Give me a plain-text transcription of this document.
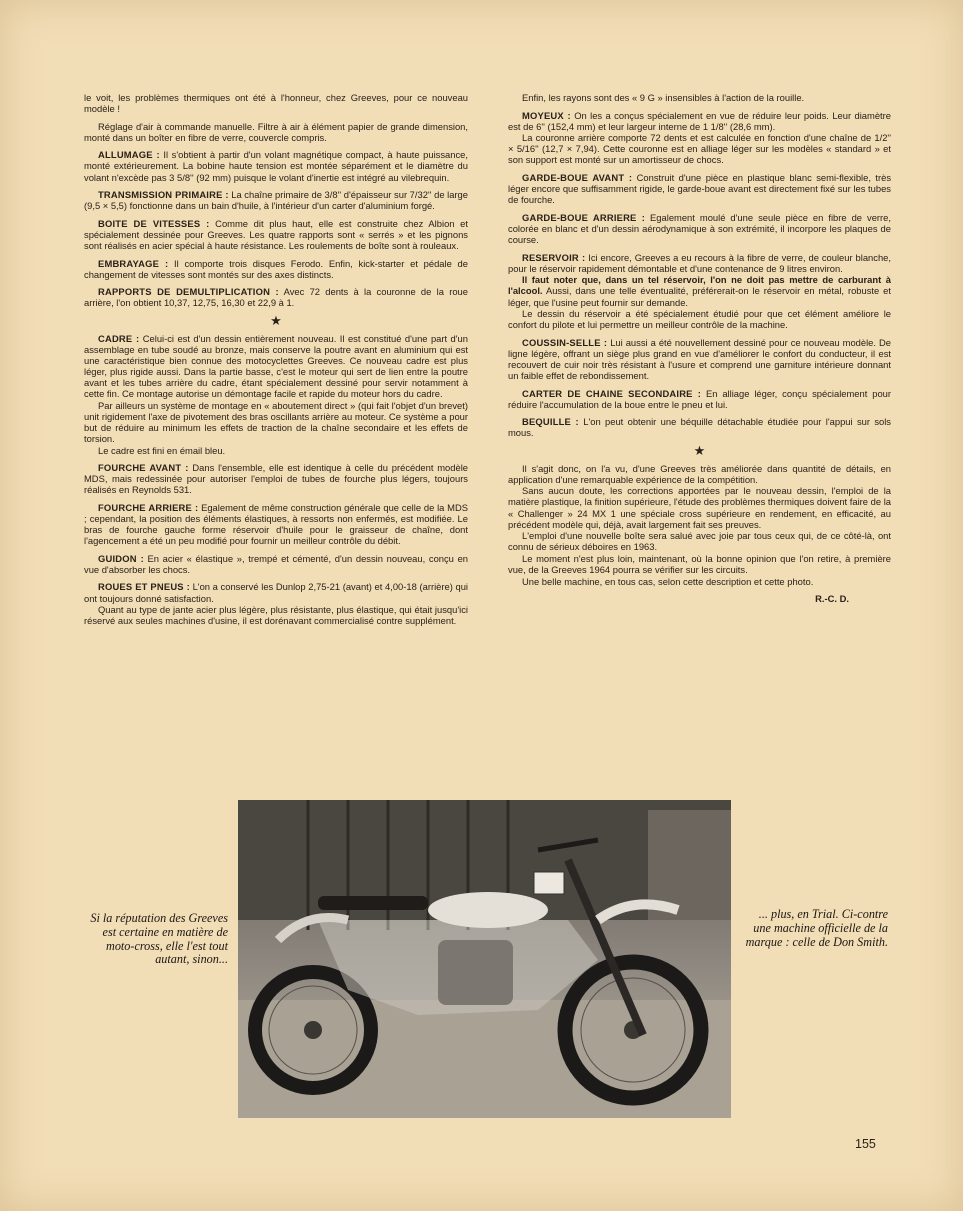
le voit, les problèmes thermiques ont été à l'honneur, chez Greeves, pour ce nouveau modèle !

Réglage d'air à commande manuelle. Filtre à air à élément papier de grande dimension, monté dans un boîter en fibre de verre, couvercle compris.

ALLUMAGE : Il s'obtient à partir d'un volant magnétique compact, à haute puissance, monté extérieurement. La bobine haute tension est montée séparément et le diamètre du volant n'excède pas 3 5/8'' (92 mm) puisque le volant d'inertie est intégré au vilebrequin.

TRANSMISSION PRIMAIRE : La chaîne primaire de 3/8'' d'épaisseur sur 7/32'' de large (9,5 × 5,5) fonctionne dans un bain d'huile, à l'intérieur d'un carter d'aluminium forgé.

BOITE DE VITESSES : Comme dit plus haut, elle est construite chez Albion et spécialement dessinée pour Greeves. Les quatre rapports sont « serrés » et les pignons sont réalisés en acier spécial à haute résistance. Les roulements de boîte sont à rouleaux.

EMBRAYAGE : Il comporte trois disques Ferodo. Enfin, kick-starter et pédale de changement de vitesses sont montés sur des axes distincts.

RAPPORTS DE DEMULTIPLICATION : Avec 72 dents à la couronne de la roue arrière, l'on obtient 10,37, 12,75, 16,30 et 22,9 à 1.

★

CADRE : Celui-ci est d'un dessin entièrement nouveau. Il est constitué d'une part d'un assemblage en tube soudé au bronze, mais conserve la poutre avant en aluminium qui est une caractéristique bien connue des motocyclettes Greeves. Ce nouveau cadre est plus léger, plus rigide aussi. Dans la partie basse, c'est le moteur qui sert de lien entre la poutre avant et les tubes arrière du cadre, étant spécialement dessiné pour servir notamment à cette fin. Ce montage autorise un démontage facile et rapide du moteur hors du cadre.

Par ailleurs un système de montage en « aboutement direct » (qui fait l'objet d'un brevet) unit rigidement l'axe de pivotement des bras oscillants arrière au moteur. Ce système a pour but de réduire au minimum les effets de traction de la chaîne secondaire et les effets de torsion.

Le cadre est fini en émail bleu.

FOURCHE AVANT : Dans l'ensemble, elle est identique à celle du précédent modèle MDS, mais redessinée pour autoriser l'emploi de tubes de fourche plus légers, toujours réalisés en Reynolds 531.

FOURCHE ARRIERE : Egalement de même construction générale que celle de la MDS ; cependant, la position des éléments élastiques, à ressorts non enfermés, est modifiée. Le bras de fourche gauche forme réservoir d'huile pour le graisseur de chaîne, dont l'agencement a été un peu modifié pour fournir un meilleur contrôle du débit.

GUIDON : En acier « élastique », trempé et cémenté, d'un dessin nouveau, conçu en vue d'absorber les chocs.

ROUES ET PNEUS : L'on a conservé les Dunlop 2,75-21 (avant) et 4,00-18 (arrière) qui ont toujours donné satisfaction.

Quant au type de jante acier plus légère, plus résistante, plus élastique, qui était jusqu'ici réservé aux seules machines d'usine, il est dorénavant commercialisé contre supplément.

Enfin, les rayons sont des « 9 G » insensibles à l'action de la rouille.

MOYEUX : On les a conçus spécialement en vue de réduire leur poids. Leur diamètre est de 6'' (152,4 mm) et leur largeur interne de 1 1/8'' (28,6 mm).

La couronne arrière comporte 72 dents et est calculée en fonction d'une chaîne de 1/2'' × 5/16'' (12,7 × 7,94). Cette couronne est en alliage léger sur les modèles « standard » et son support est monté sur un amortisseur de chocs.

GARDE-BOUE AVANT : Construit d'une pièce en plastique blanc semi-flexible, très léger encore que suffisamment rigide, le garde-boue avant est directement fixé sur les tubes de fourche.

GARDE-BOUE ARRIERE : Egalement moulé d'une seule pièce en fibre de verre, colorée en blanc et d'un dessin aérodynamique à son extrémité, il incorpore les plaques de course.

RESERVOIR : Ici encore, Greeves a eu recours à la fibre de verre, de couleur blanche, pour le réservoir rapidement démontable et d'une contenance de 9 litres environ.

Il faut noter que, dans un tel réservoir, l'on ne doit pas mettre de carburant à l'alcool. Aussi, dans une telle éventualité, préférerait-on le réservoir en métal, robuste et léger, que l'usine peut fournir sur demande.

Le dessin du réservoir a été spécialement étudié pour que cet élément améliore le confort du pilote et lui permettre un meilleur contrôle de la machine.

COUSSIN-SELLE : Lui aussi a été nouvellement dessiné pour ce nouveau modèle. De ligne légère, offrant un siège plus grand en vue d'améliorer le confort du conducteur, il est recouvert de cuir noir très résistant à l'usure et comprend une garniture intérieure donnant un faible effet de rebondissement.

CARTER DE CHAINE SECONDAIRE : En alliage léger, conçu spécialement pour réduire l'accumulation de la boue entre le pneu et lui.

BEQUILLE : L'on peut obtenir une béquille détachable étudiée pour l'appui sur sols mous.

★

Il s'agit donc, on l'a vu, d'une Greeves très améliorée dans quantité de détails, en application d'une remarquable expérience de la compétition.

Sans aucun doute, les corrections apportées par le nouveau dessin, l'emploi de la matière plastique, la finition supérieure, l'étude des problèmes thermiques doivent faire de la « Challenger » 24 MX 1 une spéciale cross supérieure en rendement, en efficacité, au précédent modèle qui, déjà, avait largement fait ses preuves.

L'emploi d'une nouvelle boîte sera salué avec joie par tous ceux qui, de ce côté-là, ont connu de sérieux déboires en 1963.

Le moment n'est plus loin, maintenant, où la bonne opinion que l'on retire, à première vue, de la Greeves 1964 pourra se vérifier sur les circuits.

Une belle machine, en tous cas, selon cette description et cette photo.

R.-C. D.

Si la réputation des Greeves est certaine en matière de moto-cross, elle l'est tout autant, sinon...
... plus, en Trial. Ci-contre une machine officielle de la marque : celle de Don Smith.
155
